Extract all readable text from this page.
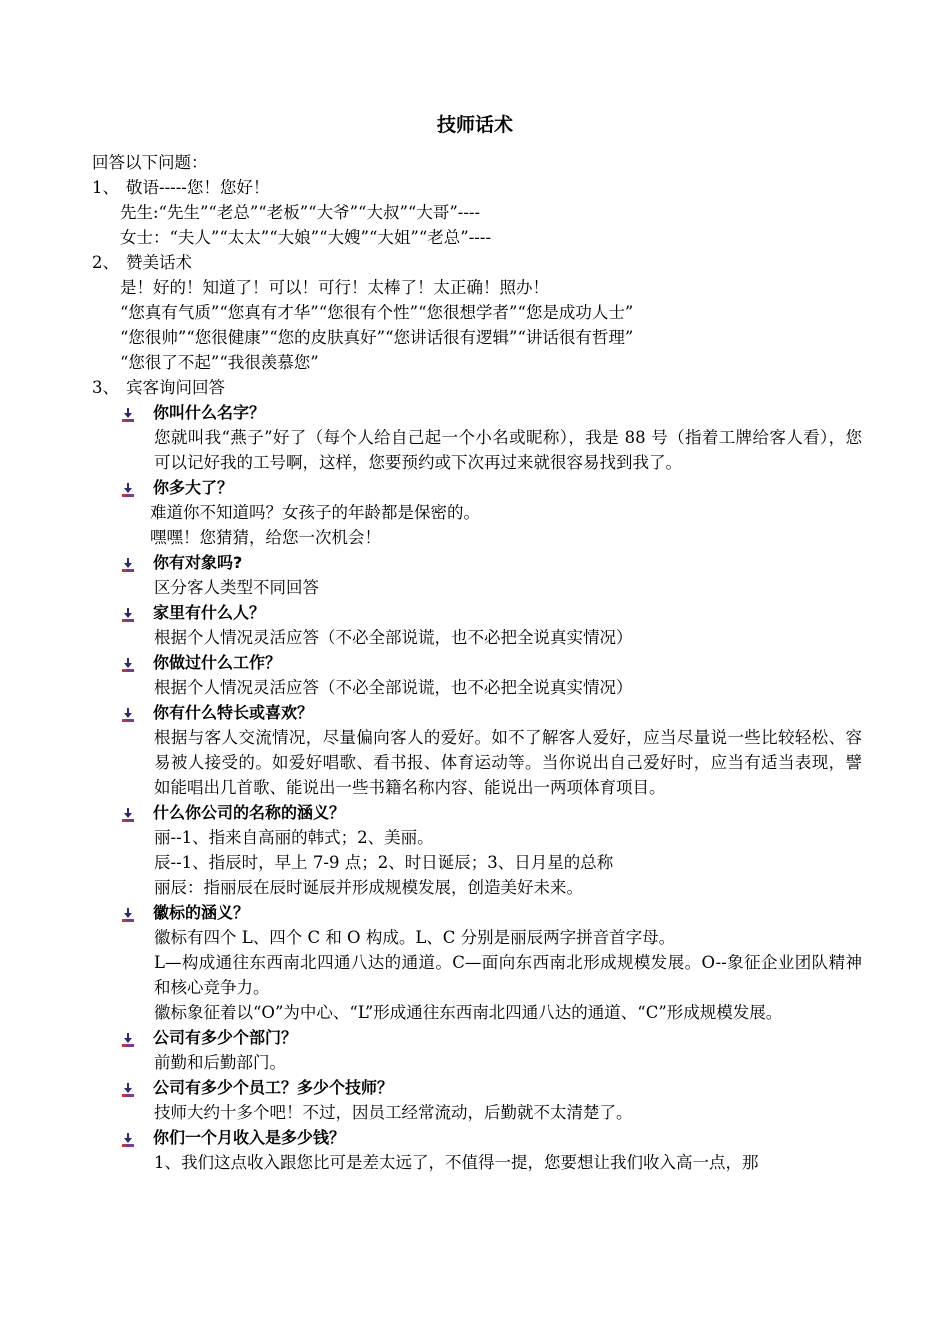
技师话术
回答以下问题：
1、 敬语-----您！您好！
先生:“先生”“老总”“老板”“大爷”“大叔”“大哥”----
女士：“夫人”“太太”“大娘”“大嫂”“大姐”“老总”----
2、 赞美话术
是！好的！知道了！可以！可行！太棒了！太正确！照办！
“您真有气质”“您真有才华”“您很有个性”“您很想学者”“您是成功人士”
“您很帅”“您很健康”“您的皮肤真好”“您讲话很有逻辑”“讲话很有哲理”
“您很了不起”“我很羡慕您”
3、 宾客询问回答
你叫什么名字？
您就叫我“燕子”好了（每个人给自己起一个小名或昵称），我是 88 号（指着工牌给客人看），您可以记好我的工号啊，这样，您要预约或下次再过来就很容易找到我了。
你多大了？
难道你不知道吗？女孩子的年龄都是保密的。
嘿嘿！您猜猜，给您一次机会！
你有对象吗?
区分客人类型不同回答
家里有什么人？
根据个人情况灵活应答（不必全部说谎，也不必把全说真实情况）
你做过什么工作？
根据个人情况灵活应答（不必全部说谎，也不必把全说真实情况）
你有什么特长或喜欢？
根据与客人交流情况，尽量偏向客人的爱好。如不了解客人爱好，应当尽量说一些比较轻松、容易被人接受的。如爱好唱歌、看书报、体育运动等。当你说出自己爱好时，应当有适当表现，譬如能唱出几首歌、能说出一些书籍名称内容、能说出一两项体育项目。
什么你公司的名称的涵义？
丽--1、指来自高丽的韩式；2、美丽。
辰--1、指辰时，早上 7-9 点；2、时日诞辰；3、日月星的总称
丽辰：指丽辰在辰时诞辰并形成规模发展，创造美好未来。
徽标的涵义？
徽标有四个 L、四个 C 和 O 构成。L、C 分别是丽辰两字拼音首字母。
L—构成通往东西南北四通八达的通道。C—面向东西南北形成规模发展。O--象征企业团队精神和核心竞争力。
徽标象征着以“O”为中心、“L”形成通往东西南北四通八达的通道、“C”形成规模发展。
公司有多少个部门？
前勤和后勤部门。
公司有多少个员工？多少个技师？
技师大约十多个吧！不过，因员工经常流动，后勤就不太清楚了。
你们一个月收入是多少钱？
1、我们这点收入跟您比可是差太远了，不值得一提，您要想让我们收入高一点，那
